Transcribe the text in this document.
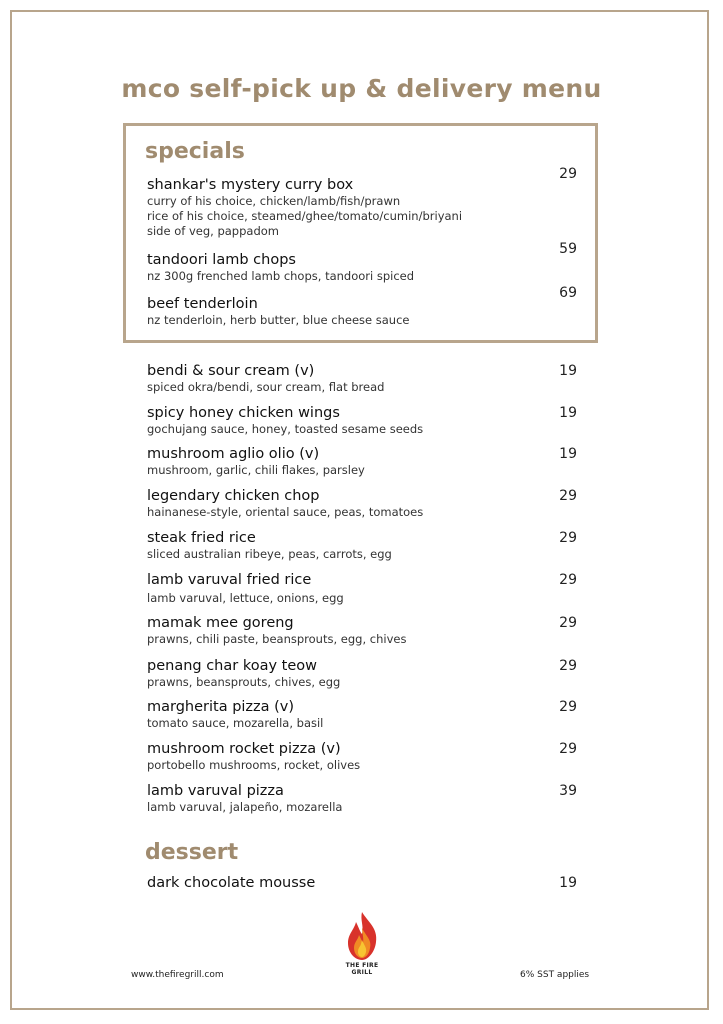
mco self-pick up & delivery menu
specials
shankar's mystery curry box
curry of his choice, chicken/lamb/fish/prawn
rice of his choice, steamed/ghee/tomato/cumin/briyani
side of veg, pappadom
29
tandoori lamb chops
nz 300g frenched lamb chops, tandoori spiced
59
beef tenderloin
nz tenderloin, herb butter, blue cheese sauce
69
bendi & sour cream (v)
spiced okra/bendi, sour cream, flat bread
19
spicy honey chicken wings
gochujang sauce, honey, toasted sesame seeds
19
mushroom aglio olio (v)
mushroom, garlic, chili flakes, parsley
19
legendary chicken chop
hainanese-style, oriental sauce, peas, tomatoes
29
steak fried rice
sliced australian ribeye, peas, carrots, egg
29
lamb varuval fried rice
lamb varuval, lettuce, onions, egg
29
mamak mee goreng
prawns, chili paste, beansprouts, egg, chives
29
penang char koay teow
prawns, beansprouts, chives, egg
29
margherita pizza (v)
tomato sauce, mozarella, basil
29
mushroom rocket pizza (v)
portobello mushrooms, rocket, olives
29
lamb varuval pizza
lamb varuval, jalapeño, mozarella
39
dessert
dark chocolate mousse	19
www.thefiregrill.com
THE FIRE GRILL	6% SST applies
